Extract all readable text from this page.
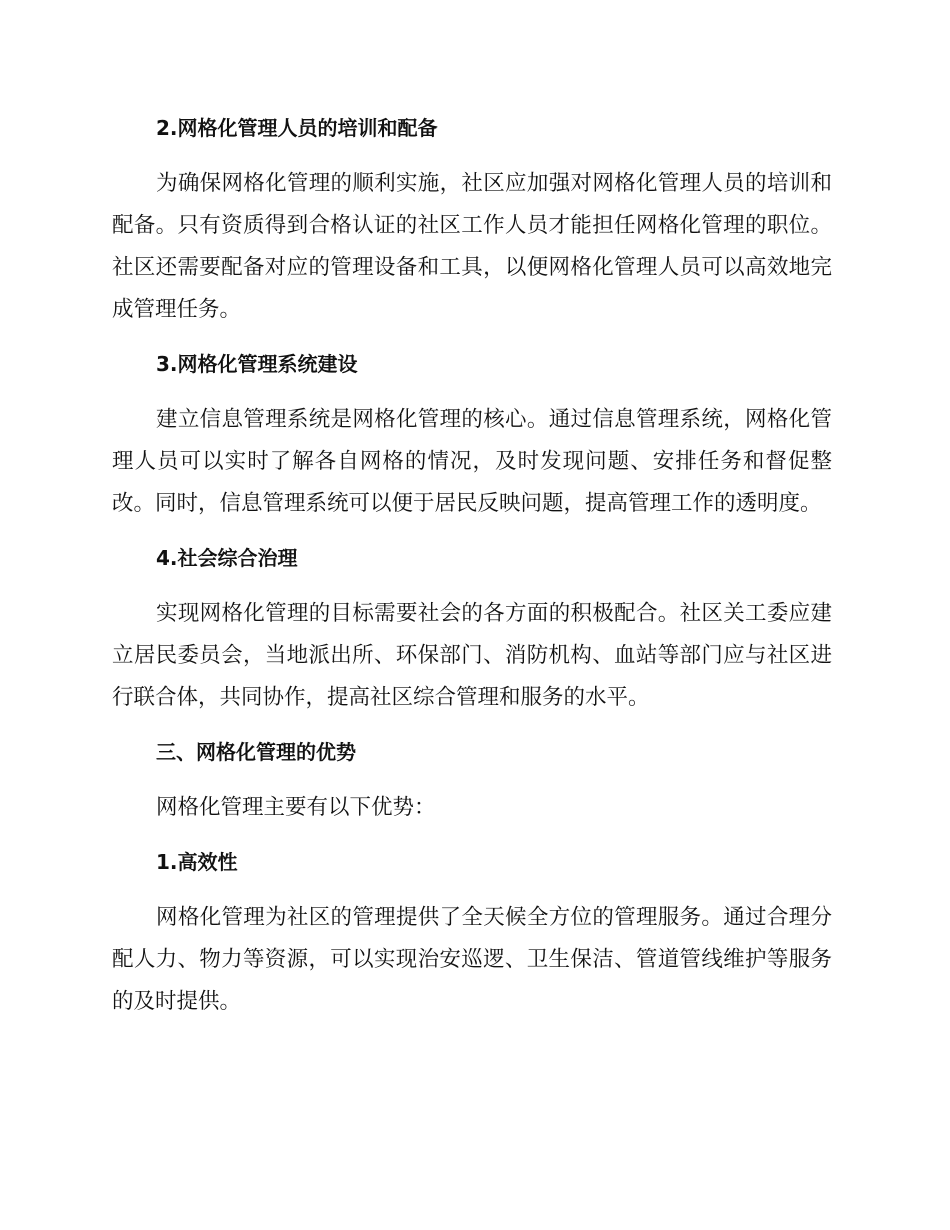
2.网格化管理人员的培训和配备

为确保网格化管理的顺利实施，社区应加强对网格化管理人员的培训和配备。只有资质得到合格认证的社区工作人员才能担任网格化管理的职位。社区还需要配备对应的管理设备和工具，以便网格化管理人员可以高效地完成管理任务。

3.网格化管理系统建设

建立信息管理系统是网格化管理的核心。通过信息管理系统，网格化管理人员可以实时了解各自网格的情况，及时发现问题、安排任务和督促整改。同时，信息管理系统可以便于居民反映问题，提高管理工作的透明度。

4.社会综合治理

实现网格化管理的目标需要社会的各方面的积极配合。社区关工委应建立居民委员会，当地派出所、环保部门、消防机构、血站等部门应与社区进行联合体，共同协作，提高社区综合管理和服务的水平。

三、网格化管理的优势

网格化管理主要有以下优势：

1.高效性

网格化管理为社区的管理提供了全天候全方位的管理服务。通过合理分配人力、物力等资源，可以实现治安巡逻、卫生保洁、管道管线维护等服务的及时提供。
